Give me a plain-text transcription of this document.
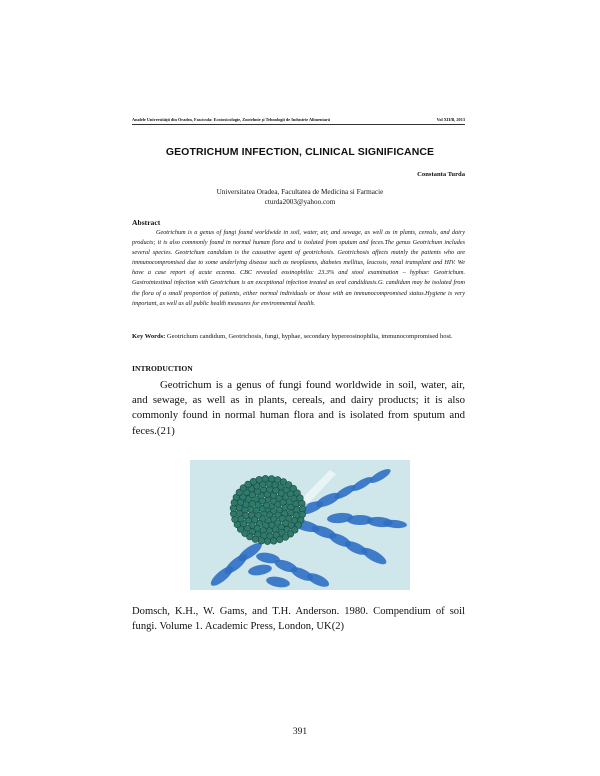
Analele Universităţii din Oradea, Fascicula: Ecotoxicologie, Zootehnie şi Tehnologii de Industrie Alimentară	Vol XII/B, 2013
GEOTRICHUM INFECTION, CLINICAL SIGNIFICANCE
Constanta Turda
Universitatea Oradea, Facultatea de Medicina si Farmacie
cturda2003@yahoo.com
Abstract
Geotrichum is a genus of fungi found worldwide in soil, water, air, and sewage, as well as in plants, cereals, and dairy products; it is also commonly found in normal human flora and is isolated from sputum and feces.The genus Geotrichum includes several species. Geotrichum candidum is the causative agent of geotrichosis. Geotrichosis affects mainly the patients who are immunocompromised due to some underlying disease such as neoplasms, diabetes mellitus, leucosis, renal transplant and HIV. We have a case report of acute eczema. CBC revealed eosinophilia: 23.3% and stool examination – hyphae: Geotrichum. Gastrointestinal infection with Geotrichum is an exceptional infection treated as oral candidiasis.G. candidum may be isolated from the flora of a small proportion of patients, either normal individuals or those with an immunocompromised status.Hygiene is very important, as well as all public health measures for environmental health.
Key Words: Geotrichum candidum, Geotrichosis, fungi, hyphae, secondary hypereosinophilia, immunocompromised host.
INTRODUCTION
Geotrichum is a genus of fungi found worldwide in soil, water, air, and sewage, as well as in plants, cereals, and dairy products; it is also commonly found in normal human flora and is isolated from sputum and feces.(21)
Domsch, K.H., W. Gams, and T.H. Anderson. 1980. Compendium of soil fungi. Volume 1. Academic Press, London, UK(2)
391
